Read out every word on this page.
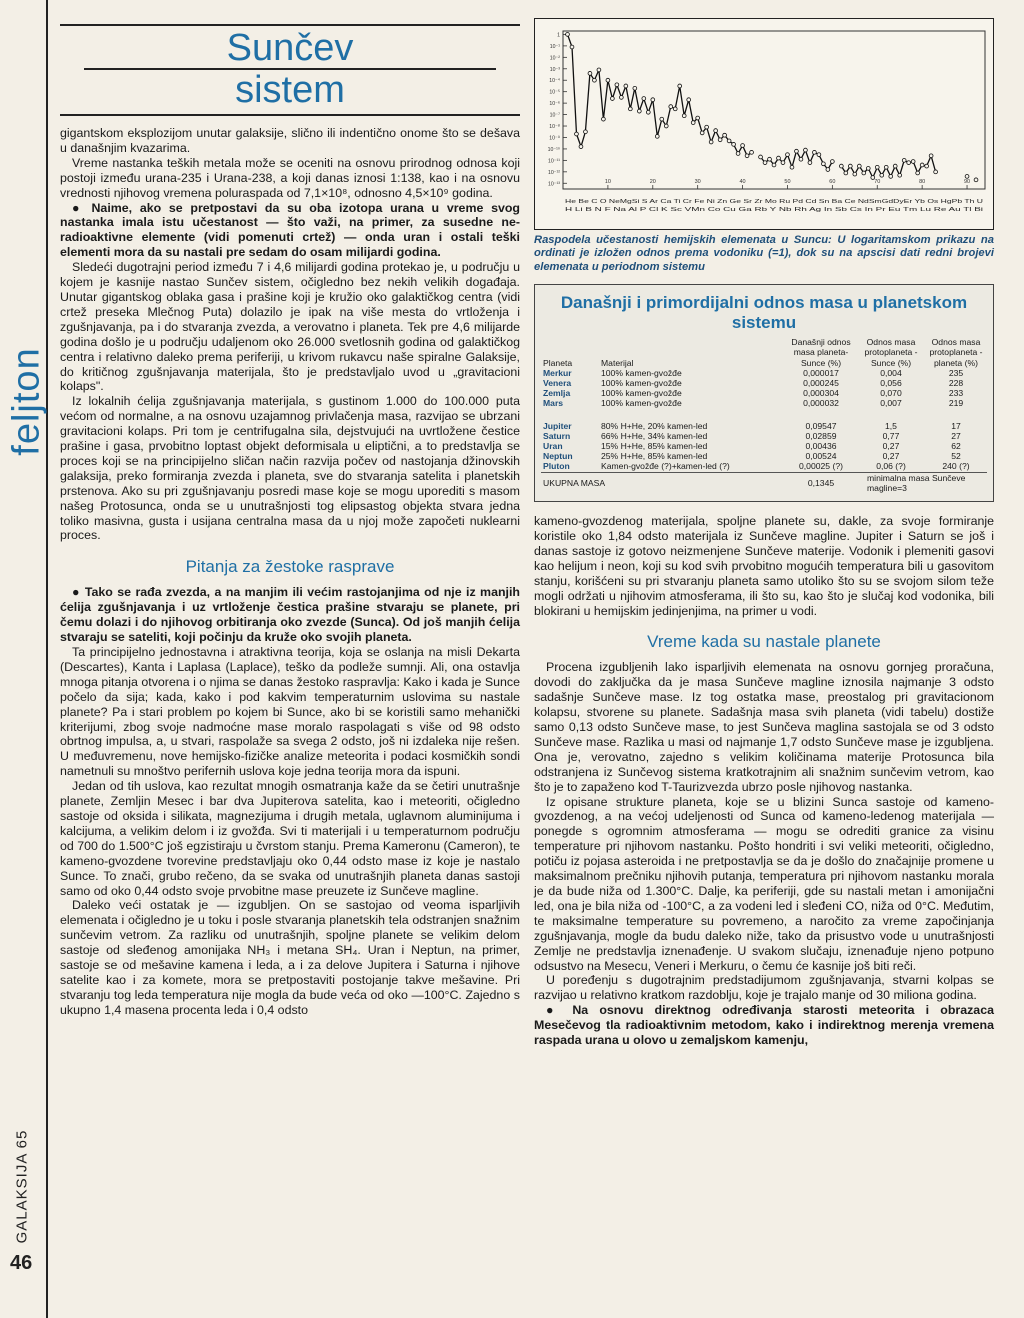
feljton
GALAKSIJA 65
46
Sunčev
sistem

gigantskom eksplozijom unutar galaksije, slično ili indentično onome što se dešava u današnjim kvazarima.

Vreme nastanka teških metala može se oceniti na osnovu prirodnog odnosa koji postoji između urana-235 i Urana-238, a koji danas iznosi 1:138, kao i na osnovu vrednosti njihovog vremena poluraspada od 7,1×10⁸, odnosno 4,5×10⁹ godina.

● Naime, ako se pretpostavi da su oba izotopa urana u vreme svog nastanka imala istu učestanost — što važi, na primer, za susedne ne-radioaktivne elemente (vidi pomenuti crtež) — onda uran i ostali teški elementi mora da su nastali pre sedam do osam milijardi godina.

Sledeći dugotrajni period između 7 i 4,6 milijardi godina protekao je, u području u kojem je kasnije nastao Sunčev sistem, očigledno bez nekih velikih događaja. Unutar gigantskog oblaka gasa i prašine koji je kružio oko galaktičkog centra (vidi crtež preseka Mlečnog Puta) dolazilo je ipak na više mesta do vrtloženja i zgušnjavanja, pa i do stvaranja zvezda, a verovatno i planeta. Tek pre 4,6 milijarde godina došlo je u području udaljenom oko 26.000 svetlosnih godina od galaktičkog centra i relativno daleko prema periferiji, u krivom rukavcu naše spiralne Galaksije, do kritičnog zgušnjavanja materijala, što je predstavljalo uvod u „gravitacioni kolaps".

Iz lokalnih ćelija zgušnjavanja materijala, s gustinom 1.000 do 100.000 puta većom od normalne, a na osnovu uzajamnog privlačenja masa, razvijao se ubrzani gravitacioni kolaps. Pri tom je centrifugalna sila, dejstvujući na uvrtložene čestice prašine i gasa, prvobitno loptast objekt deformisala u eliptični, a to predstavlja se proces koji se na principijelno sličan način razvija počev od nastojanja džinovskih galaksija, preko formiranja zvezda i planeta, sve do stvaranja satelita i planetskih prstenova. Ako su pri zgušnjavanju posredi mase koje se mogu uporediti s masom našeg Protosunca, onda se u unutrašnjosti tog elipsastog objekta stvara jedna toliko masivna, gusta i usijana centralna masa da u njoj može započeti nuklearni proces.

Pitanja za žestoke rasprave

● Tako se rađa zvezda, a na manjim ili većim rastojanjima od nje iz manjih ćelija zgušnjavanja i uz vrtloženje čestica prašine stvaraju se planete, pri čemu dolazi i do njihovog orbitiranja oko zvezde (Sunca). Od još manjih ćelija stvaraju se sateliti, koji počinju da kruže oko svojih planeta.

Ta principijelno jednostavna i atraktivna teorija, koja se oslanja na misli Dekarta (Descartes), Kanta i Laplasa (Laplace), teško da podleže sumnji. Ali, ona ostavlja mnoga pitanja otvorena i o njima se danas žestoko raspravlja: Kako i kada je Sunce počelo da sija; kada, kako i pod kakvim temperaturnim uslovima su nastale planete? Pa i stari problem po kojem bi Sunce, ako bi se koristili samo mehanički kriterijumi, zbog svoje nadmoćne mase moralo raspolagati s više od 98 odsto obrtnog impulsa, a, u stvari, raspolaže sa svega 2 odsto, još ni izdaleka nije rešen. U međuvremenu, nove hemijsko-fizičke analize meteorita i podaci kosmičkih sondi nametnuli su mnoštvo perifernih uslova koje jedna teorija mora da ispuni.

Jedan od tih uslova, kao rezultat mnogih osmatranja kaže da se četiri unutrašnje planete, Zemljin Mesec i bar dva Jupiterova satelita, kao i meteoriti, očigledno sastoje od oksida i silikata, magnezijuma i drugih metala, uglavnom aluminijuma i kalcijuma, a velikim delom i iz gvožđa. Svi ti materijali i u temperaturnom području od 700 do 1.500°C još egzistiraju u čvrstom stanju. Prema Kameronu (Cameron), te kameno-gvozdene tvorevine predstavljaju oko 0,44 odsto mase iz koje je nastalo Sunce. To znači, grubo rečeno, da se svaka od unutrašnjih planeta danas sastoji samo od oko 0,44 odsto svoje prvobitne mase preuzete iz Sunčeve magline.

Daleko veći ostatak je — izgubljen. On se sastojao od veoma isparljivih elemenata i očigledno je u toku i posle stvaranja planetskih tela odstranjen snažnim sunčevim vetrom. Za razliku od unutrašnjih, spoljne planete se velikim delom sastoje od sleđenog amonijaka NH₃ i metana SH₄. Uran i Neptun, na primer, sastoje se od mešavine kamena i leda, a i za delove Jupitera i Saturna i njihove satelite kao i za komete, mora se pretpostaviti postojanje takve mešavine. Pri stvaranju tog leda temperatura nije mogla da bude veća od oko —100°C. Zajedno s ukupno 1,4 masena procenta leda i 0,4 odsto

1
10⁻¹
10⁻²
10⁻³
10⁻⁴
10⁻⁵
10⁻⁶
10⁻⁷
10⁻⁸
10⁻⁹
10⁻¹⁰
10⁻¹¹
10⁻¹²
10⁻¹³	10	20	30	40	50	60	70	80	90
He Be C O NeMgSi S Ar Ca Ti Cr Fe Ni Zn Ge Sr Zr Mo Ru Pd Cd Sn Ba Ce NdSmGdDyEr Yb Os HgPb Th U
H Li B N F Na Al P Cl K Sc VMn Co Cu Ga Rb Y Nb Rh Ag In Sb Cs In Pr Eu Tm Lu Re Au Tl Bi

Raspodela učestanosti hemijskih elemenata u Suncu: U logaritamskom prikazu na ordinati je izložen odnos prema vodoniku (=1), dok su na apscisi dati redni brojevi elemenata u periodnom sistemu

Današnji i primordijalni odnos masa u planetskom sistemu
Planeta	Materijal	Današnji odnos masa planeta-Sunce (%)	Odnos masa protoplaneta -Sunce (%)	Odnos masa protoplaneta -planeta (%)
Merkur	100% kamen-gvožđe	0,000017	0,004	235
Venera	100% kamen-gvožđe	0,000245	0,056	228
Zemlja	100% kamen-gvožđe	0,000304	0,070	233
Mars	100% kamen-gvožđe	0,000032	0,007	219

Jupiter	80% H+He, 20% kamen-led	0,09547	1,5	17
Saturn	66% H+He, 34% kamen-led	0,02859	0,77	27
Uran	15% H+He, 85% kamen-led	0,00436	0,27	62
Neptun	25% H+He, 85% kamen-led	0,00524	0,27	52
Pluton	Kamen-gvožđe (?)+kamen-led (?)	0,00025 (?)	0,06 (?)	240 (?)
UKUPNA MASA		0,1345	minimalna masa Sunčeve magline=3	

kameno-gvozdenog materijala, spoljne planete su, dakle, za svoje formiranje koristile oko 1,84 odsto materijala iz Sunčeve magline. Jupiter i Saturn se još i danas sastoje iz gotovo neizmenjene Sunčeve materije. Vodonik i plemeniti gasovi kao helijum i neon, koji su kod svih prvobitno mogućih temperatura bili u gasovitom stanju, korišćeni su pri stvaranju planeta samo utoliko što su se svojom silom teže mogli održati u njihovim atmosferama, ili što su, kao što je slučaj kod vodonika, bili blokirani u hemijskim jedinjenjima, na primer u vodi.

Vreme kada su nastale planete

Procena izgubljenih lako isparljivih elemenata na osnovu gornjeg proračuna, dovodi do zaključka da je masa Sunčeve magline iznosila najmanje 3 odsto sadašnje Sunčeve mase. Iz tog ostatka mase, preostalog pri gravitacionom kolapsu, stvorene su planete. Sadašnja masa svih planeta (vidi tabelu) dostiže samo 0,13 odsto Sunčeve mase, to jest Sunčeva maglina sastojala se od 3 odsto Sunčeve mase. Razlika u masi od najmanje 1,7 odsto Sunčeve mase je izgubljena. Ona je, verovatno, zajedno s velikim količinama materije Protosunca bila odstranjena iz Sunčevog sistema kratkotrajnim ali snažnim sunčevim vetrom, kao što je to zapaženo kod T-Taurizvezda ubrzo posle njihovog nastanka.

Iz opisane strukture planeta, koje se u blizini Sunca sastoje od kameno-gvozdenog, a na većoj udeljenosti od Sunca od kameno-ledenog materijala — ponegde s ogromnim atmosferama — mogu se odrediti granice za visinu temperature pri njihovom nastanku. Pošto hondriti i svi veliki meteoriti, očigledno, potiču iz pojasa asteroida i ne pretpostavlja se da je došlo do značajnije promene u maksimalnom prečniku njihovih putanja, temperatura pri njihovom nastanku morala je da bude niža od 1.300°C. Dalje, ka periferiji, gde su nastali metan i amonijačni led, ona je bila niža od -100°C, a za vodeni led i sleđeni CO, niža od 0°C. Međutim, te maksimalne temperature su povremeno, a naročito za vreme započinjanja zgušnjavanja, mogle da budu daleko niže, tako da prisustvo vode u unutrašnjosti Zemlje ne predstavlja iznenađenje. U svakom slučaju, iznenađuje njeno potpuno odsustvo na Mesecu, Veneri i Merkuru, o čemu će kasnije još biti reči.

U poređenju s dugotrajnim predstadijumom zgušnjavanja, stvarni kolpas se razvijao u relativno kratkom razdoblju, koje je trajalo manje od 30 miliona godina.

● Na osnovu direktnog određivanja starosti meteorita i obrazaca Mesečevog tla radioaktivnim metodom, kako i indirektnog merenja vremena raspada urana u olovo u zemaljskom kamenju,
